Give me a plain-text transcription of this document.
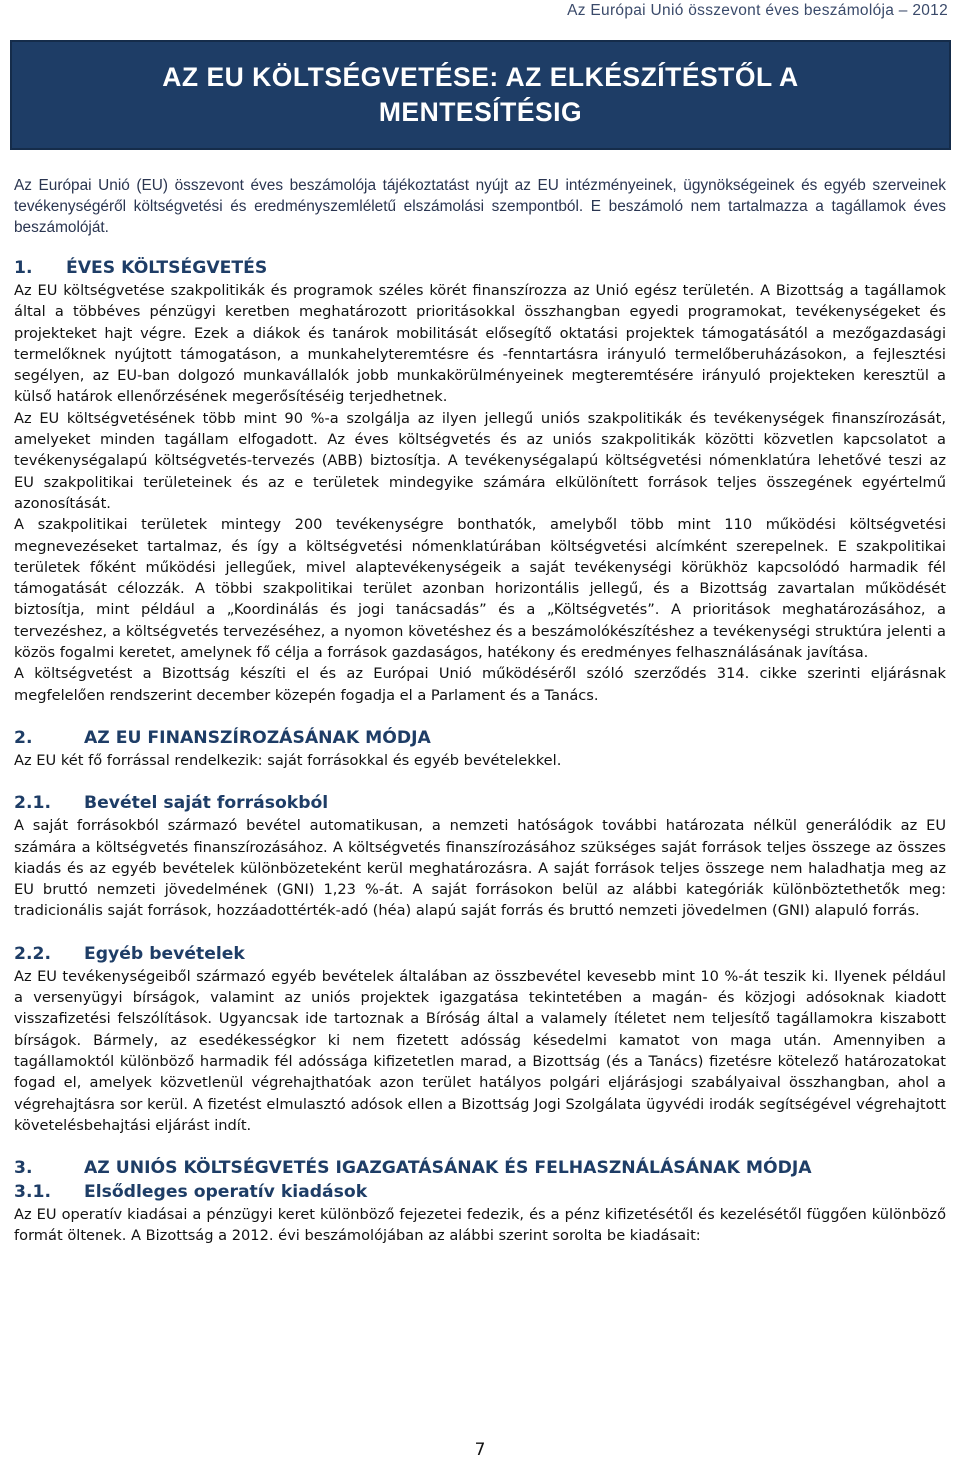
Az Európai Unió összevont éves beszámolója – 2012
AZ EU KÖLTSÉGVETÉSE: AZ ELKÉSZÍTÉSTŐL A MENTESÍTÉSIG

Az Európai Unió (EU) összevont éves beszámolója tájékoztatást nyújt az EU intézményeinek, ügynökségeinek és egyéb szerveinek tevékenységéről költségvetési és eredményszemléletű elszámolási szempontból. E beszámoló nem tartalmazza a tagállamok éves beszámolóját.

1. ÉVES KÖLTSÉGVETÉS

Az EU költségvetése szakpolitikák és programok széles körét finanszírozza az Unió egész területén. A Bizottság a tagállamok által a többéves pénzügyi keretben meghatározott prioritásokkal összhangban egyedi programokat, tevékenységeket és projekteket hajt végre. Ezek a diákok és tanárok mobilitását elősegítő oktatási projektek támogatásától a mezőgazdasági termelőknek nyújtott támogatáson, a munkahelyteremtésre és -fenntartásra irányuló termelőberuházásokon, a fejlesztési segélyen, az EU-ban dolgozó munkavállalók jobb munkakörülményeinek megteremtésére irányuló projekteken keresztül a külső határok ellenőrzésének megerősítéséig terjedhetnek.

Az EU költségvetésének több mint 90 %-a szolgálja az ilyen jellegű uniós szakpolitikák és tevékenységek finanszírozását, amelyeket minden tagállam elfogadott. Az éves költségvetés és az uniós szakpolitikák közötti közvetlen kapcsolatot a tevékenységalapú költségvetés-tervezés (ABB) biztosítja. A tevékenységalapú költségvetési nómenklatúra lehetővé teszi az EU szakpolitikai területeinek és az e területek mindegyike számára elkülönített források teljes összegének egyértelmű azonosítását.

A szakpolitikai területek mintegy 200 tevékenységre bonthatók, amelyből több mint 110 működési költségvetési megnevezéseket tartalmaz, és így a költségvetési nómenklatúrában költségvetési alcímként szerepelnek. E szakpolitikai területek főként működési jellegűek, mivel alaptevékenységeik a saját tevékenységi körükhöz kapcsolódó harmadik fél támogatását célozzák. A többi szakpolitikai terület azonban horizontális jellegű, és a Bizottság zavartalan működését biztosítja, mint például a „Koordinálás és jogi tanácsadás” és a „Költségvetés”. A prioritások meghatározásához, a tervezéshez, a költségvetés tervezéséhez, a nyomon követéshez és a beszámolókészítéshez a tevékenységi struktúra jelenti a közös fogalmi keretet, amelynek fő célja a források gazdaságos, hatékony és eredményes felhasználásának javítása.

A költségvetést a Bizottság készíti el és az Európai Unió működéséről szóló szerződés 314. cikke szerinti eljárásnak megfelelően rendszerint december közepén fogadja el a Parlament és a Tanács.

2.	AZ EU FINANSZÍROZÁSÁNAK MÓDJA

Az EU két fő forrással rendelkezik: saját forrásokkal és egyéb bevételekkel.

2.1. Bevétel saját forrásokból

A saját forrásokból származó bevétel automatikusan, a nemzeti hatóságok további határozata nélkül generálódik az EU számára a költségvetés finanszírozásához. A költségvetés finanszírozásához szükséges saját források teljes összege az összes kiadás és az egyéb bevételek különbözeteként kerül meghatározásra. A saját források teljes összege nem haladhatja meg az EU bruttó nemzeti jövedelmének (GNI) 1,23 %-át. A saját forrásokon belül az alábbi kategóriák különböztethetők meg: tradicionális saját források, hozzáadottérték-adó (héa) alapú saját forrás és bruttó nemzeti jövedelmen (GNI) alapuló forrás.

2.2. Egyéb bevételek

Az EU tevékenységeiből származó egyéb bevételek általában az összbevétel kevesebb mint 10 %-át teszik ki. Ilyenek például a versenyügyi bírságok, valamint az uniós projektek igazgatása tekintetében a magán- és közjogi adósoknak kiadott visszafizetési felszólítások. Ugyancsak ide tartoznak a Bíróság által a valamely ítéletet nem teljesítő tagállamokra kiszabott bírságok. Bármely, az esedékességkor ki nem fizetett adósság késedelmi kamatot von maga után. Amennyiben a tagállamoktól különböző harmadik fél adóssága kifizetetlen marad, a Bizottság (és a Tanács) fizetésre kötelező határozatokat fogad el, amelyek közvetlenül végrehajthatóak azon terület hatályos polgári eljárásjogi szabályaival összhangban, ahol a végrehajtásra sor kerül. A fizetést elmulasztó adósok ellen a Bizottság Jogi Szolgálata ügyvédi irodák segítségével végrehajtott követelésbehajtási eljárást indít.

3.	AZ UNIÓS KÖLTSÉGVETÉS IGAZGATÁSÁNAK ÉS FELHASZNÁLÁSÁNAK MÓDJA
3.1. Elsődleges operatív kiadások

Az EU operatív kiadásai a pénzügyi keret különböző fejezetei fedezik, és a pénz kifizetésétől és kezelésétől függően különböző formát öltenek. A Bizottság a 2012. évi beszámolójában az alábbi szerint sorolta be kiadásait:

7
